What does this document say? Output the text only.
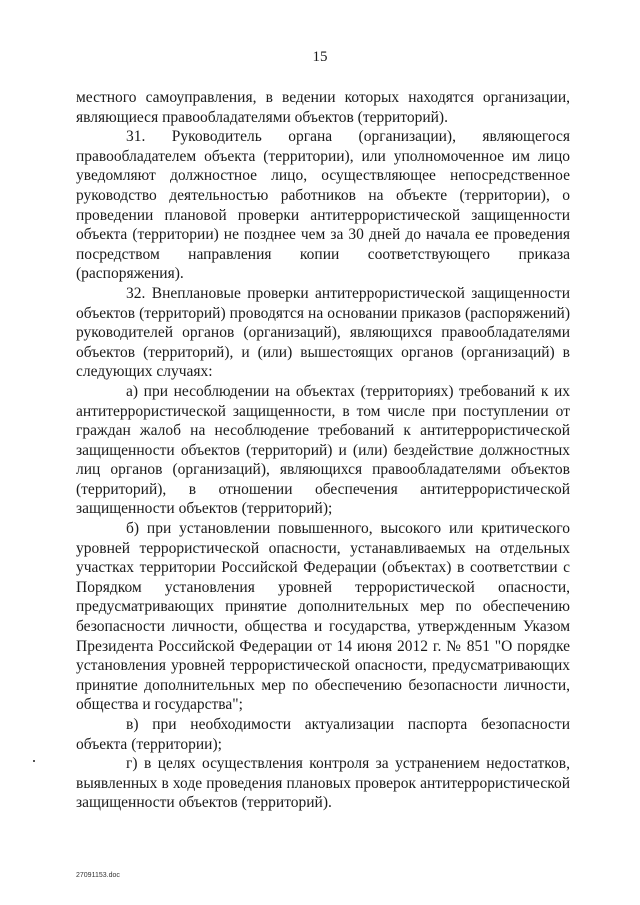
15

местного самоуправления, в ведении которых находятся организации, являющиеся правообладателями объектов (территорий).

31. Руководитель органа (организации), являющегося правообладателем объекта (территории), или уполномоченное им лицо уведомляют должностное лицо, осуществляющее непосредственное руководство деятельностью работников на объекте (территории), о проведении плановой проверки антитеррористической защищенности объекта (территории) не позднее чем за 30 дней до начала ее проведения посредством направления копии соответствующего приказа (распоряжения).

32. Внеплановые проверки антитеррористической защищенности объектов (территорий) проводятся на основании приказов (распоряжений) руководителей органов (организаций), являющихся правообладателями объектов (территорий), и (или) вышестоящих органов (организаций) в следующих случаях:

а) при несоблюдении на объектах (территориях) требований к их антитеррористической защищенности, в том числе при поступлении от граждан жалоб на несоблюдение требований к антитеррористической защищенности объектов (территорий) и (или) бездействие должностных лиц органов (организаций), являющихся правообладателями объектов (территорий), в отношении обеспечения антитеррористической защищенности объектов (территорий);

б) при установлении повышенного, высокого или критического уровней террористической опасности, устанавливаемых на отдельных участках территории Российской Федерации (объектах) в соответствии с Порядком установления уровней террористической опасности, предусматривающих принятие дополнительных мер по обеспечению безопасности личности, общества и государства, утвержденным Указом Президента Российской Федерации от 14 июня 2012 г. № 851 "О порядке установления уровней террористической опасности, предусматривающих принятие дополнительных мер по обеспечению безопасности личности, общества и государства";

в) при необходимости актуализации паспорта безопасности объекта (территории);

г) в целях осуществления контроля за устранением недостатков, выявленных в ходе проведения плановых проверок антитеррористической защищенности объектов (территорий).

27091153.doc
